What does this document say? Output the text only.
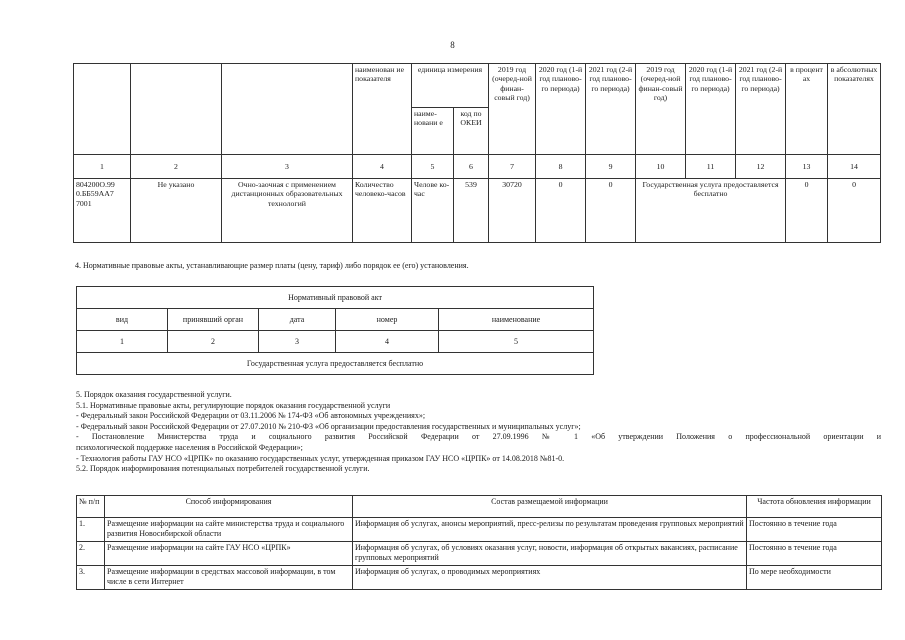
8
			наименован ие показателя	единица измерения		2019 год (очеред-ной финан-совый год)	2020 год (1-й год планово-го периода)	2021 год (2-й год планово-го периода)	2019 год (очеред-ной финан-совый год)	2020 год (1-й год планово-го периода)	2021 год (2-й год планово-го периода)	в процент ах	в абсолютных показателях
				наиме-новани е	код по ОКЕИ								
1	2	3	4	5	6	7	8	9	10	11	12	13	14
804200О.99 0.ББ59АА7 7001	Не указано	Очно-заочная с применением дистанционных образовательных технологий	Количество человеко-часов	Челове ко-час	539	30720	0	0	Государственная услуга предоставляется бесплатно			0	0
4. Нормативные правовые акты, устанавливающие размер платы (цену, тариф) либо порядок ее (его) установления.
Нормативный правовой акт				
вид	принявший орган	дата	номер	наименование
1	2	3	4	5
Государственная услуга предоставляется бесплатно				

5. Порядок оказания государственной услуги.

5.1. Нормативные правовые акты, регулирующие порядок оказания государственной услуги

- Федеральный закон Российской Федерации от 03.11.2006 № 174-ФЗ «Об автономных учреждениях»;

- Федеральный закон Российской Федерации от 27.07.2010 № 210-ФЗ «Об организации предоставления государственных и муниципальных услуг»;

- Постановление Министерства труда и социального развития Российской Федерации от 27.09.1996 № 1 «Об утверждении Положения о профессиональной ориентации и

психологической поддержке населения в Российской Федерации»;

- Технология работы ГАУ НСО «ЦРПК» по оказанию государственных услуг, утвержденная приказом ГАУ НСО «ЦРПК» от 14.08.2018 №81-0.

5.2. Порядок информирования потенциальных потребителей государственной услуги.

№ п/п	Способ информирования	Состав размещаемой информации	Частота обновления информации
1.	Размещение информации на сайте министерства труда и социального развития Новосибирской области	Информация об услугах, анонсы мероприятий, пресс-релизы по результатам проведения групповых мероприятий	Постоянно в течение года
2.	Размещение информации на сайте ГАУ НСО «ЦРПК»	Информация об услугах, об условиях оказания услуг, новости, информация об открытых вакансиях, расписание групповых мероприятий	Постоянно в течение года
3.	Размещение информации в средствах массовой информации, в том числе в сети Интернет	Информация об услугах, о проводимых мероприятиях	По мере необходимости
